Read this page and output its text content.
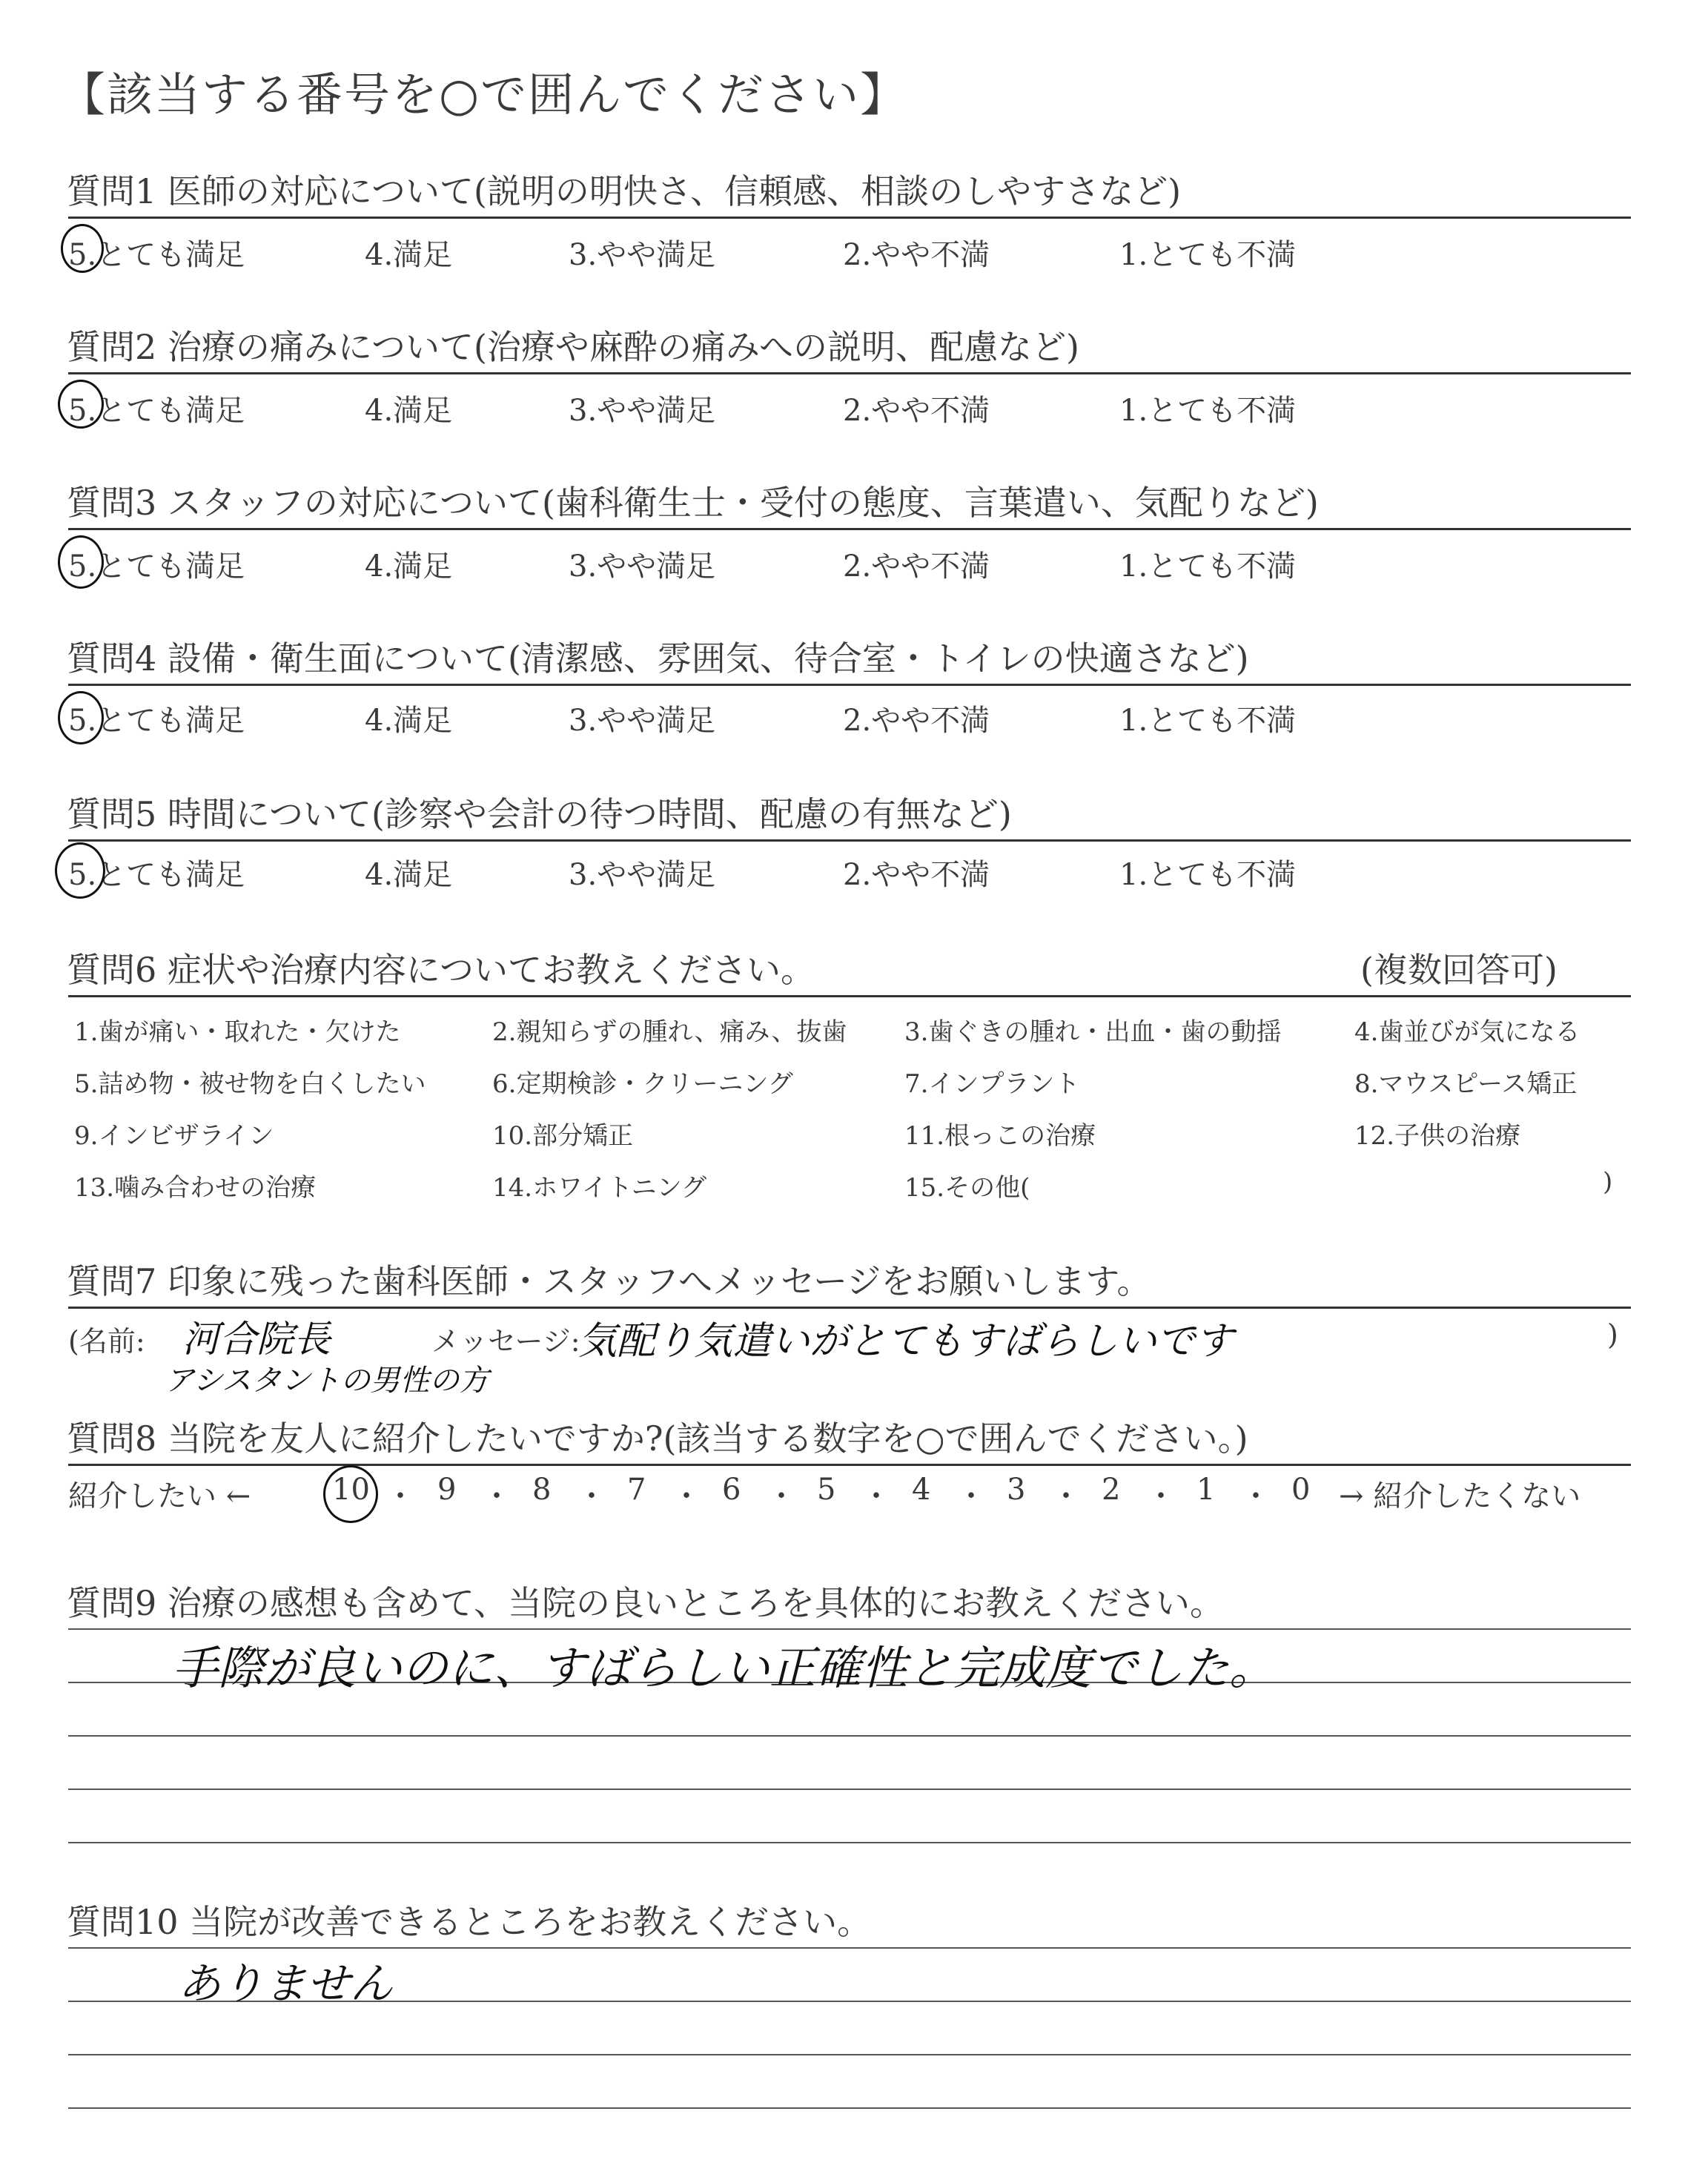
【該当する番号を○で囲んでください】
質問1 医師の対応について(説明の明快さ、信頼感、相談のしやすさなど)
5.とても満足	4.満足	3.やや満足	2.やや不満	1.とても不満
質問2 治療の痛みについて(治療や麻酔の痛みへの説明、配慮など)
5.とても満足	4.満足	3.やや満足	2.やや不満	1.とても不満
質問3 スタッフの対応について(歯科衛生士・受付の態度、言葉遣い、気配りなど)
5.とても満足	4.満足	3.やや満足	2.やや不満	1.とても不満
質問4 設備・衛生面について(清潔感、雰囲気、待合室・トイレの快適さなど)
5.とても満足	4.満足	3.やや満足	2.やや不満	1.とても不満
質問5 時間について(診察や会計の待つ時間、配慮の有無など)
5.とても満足	4.満足	3.やや満足	2.やや不満	1.とても不満
質問6 症状や治療内容についてお教えください。	(複数回答可)
1.歯が痛い・取れた・欠けた	2.親知らずの腫れ、痛み、抜歯 3.歯ぐきの腫れ・出血・歯の動揺	4.歯並びが気になる
5.詰め物・被せ物を白くしたい	6.定期検診・クリーニング	7.インプラント	8.マウスピース矯正
9.インビザライン	10.部分矯正	11.根っこの治療	12.子供の治療
13.噛み合わせの治療	14.ホワイトニング	15.その他(	)
質問7 印象に残った歯科医師・スタッフへメッセージをお願いします。
(名前:	メッセージ:	)
河合院長
アシスタントの男性の方
気配り気遣いがとてもすばらしいです
質問8 当院を友人に紹介したいですか?(該当する数字を○で囲んでください。)
紹介したい ←	10 ・ 9 ・ 8 ・ 7 ・ 6 ・ 5 ・ 4 ・ 3 ・ 2 ・ 1 ・ 0 → 紹介したくない
質問9 治療の感想も含めて、当院の良いところを具体的にお教えください。
手際が良いのに、すばらしい正確性と完成度でした。
質問10 当院が改善できるところをお教えください。
ありません
